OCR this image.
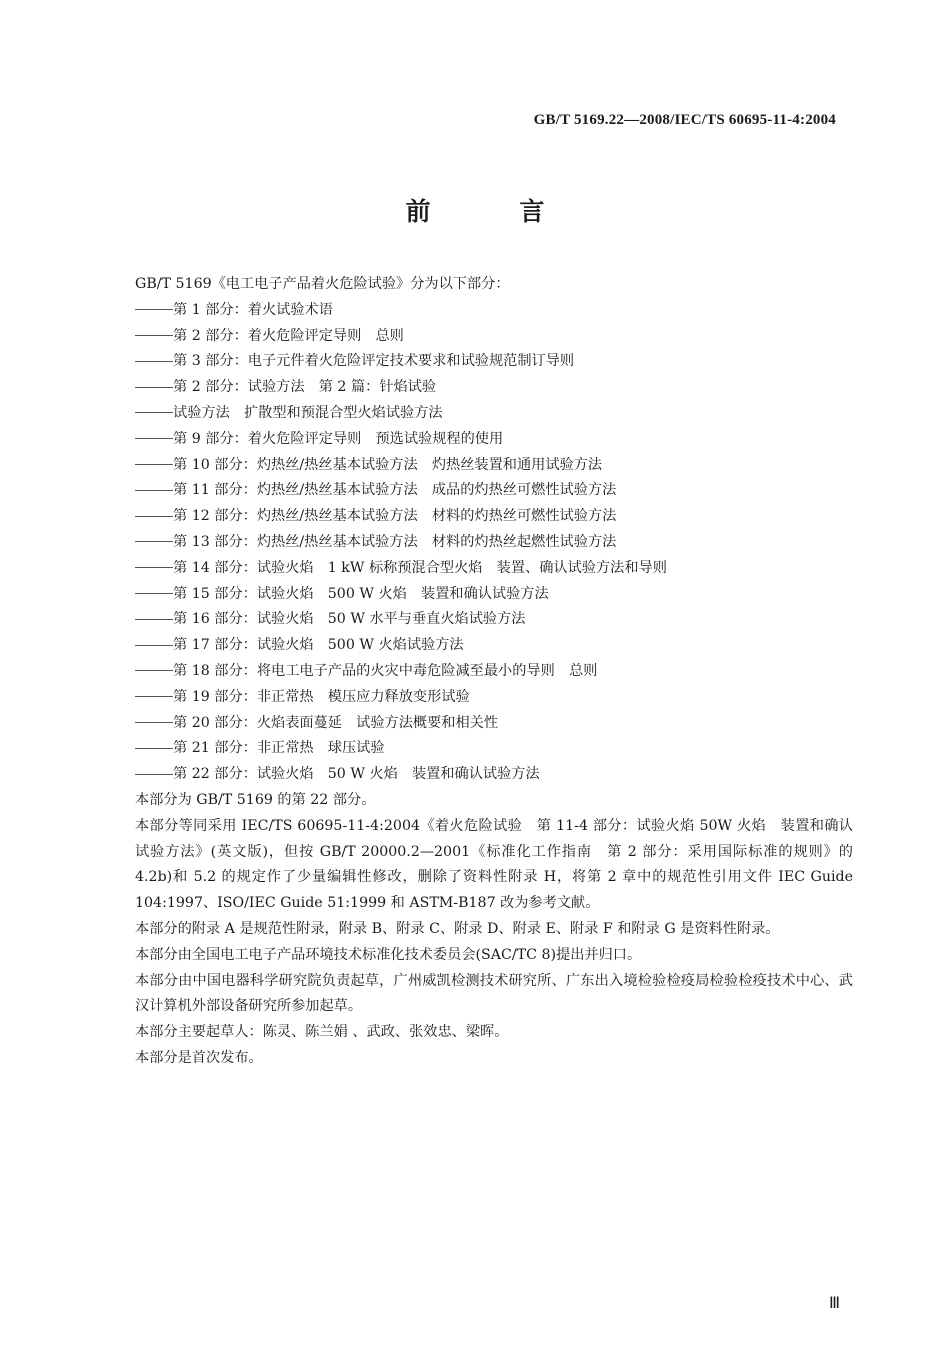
GB/T 5169.22—2008/IEC/TS 60695-11-4:2004
前 言
GB/T 5169《电工电子产品着火危险试验》分为以下部分：
第 1 部分：着火试验术语
第 2 部分：着火危险评定导则　总则
第 3 部分：电子元件着火危险评定技术要求和试验规范制订导则
第 2 部分：试验方法　第 2 篇：针焰试验
试验方法　扩散型和预混合型火焰试验方法
第 9 部分：着火危险评定导则　预选试验规程的使用
第 10 部分：灼热丝/热丝基本试验方法　灼热丝装置和通用试验方法
第 11 部分：灼热丝/热丝基本试验方法　成品的灼热丝可燃性试验方法
第 12 部分：灼热丝/热丝基本试验方法　材料的灼热丝可燃性试验方法
第 13 部分：灼热丝/热丝基本试验方法　材料的灼热丝起燃性试验方法
第 14 部分：试验火焰　1 kW 标称预混合型火焰　装置、确认试验方法和导则
第 15 部分：试验火焰　500 W 火焰　装置和确认试验方法
第 16 部分：试验火焰　50 W 水平与垂直火焰试验方法
第 17 部分：试验火焰　500 W 火焰试验方法
第 18 部分：将电工电子产品的火灾中毒危险减至最小的导则　总则
第 19 部分：非正常热　模压应力释放变形试验
第 20 部分：火焰表面蔓延　试验方法概要和相关性
第 21 部分：非正常热　球压试验
第 22 部分：试验火焰　50 W 火焰　装置和确认试验方法
本部分为 GB/T 5169 的第 22 部分。
本部分等同采用 IEC/TS 60695-11-4:2004《着火危险试验　第 11-4 部分：试验火焰 50W 火焰　装置和确认试验方法》(英文版)，但按 GB/T 20000.2—2001《标准化工作指南　第 2 部分：采用国际标准的规则》的 4.2b)和 5.2 的规定作了少量编辑性修改，删除了资料性附录 H，将第 2 章中的规范性引用文件 IEC Guide 104:1997、ISO/IEC Guide 51:1999 和 ASTM-B187 改为参考文献。
本部分的附录 A 是规范性附录，附录 B、附录 C、附录 D、附录 E、附录 F 和附录 G 是资料性附录。
本部分由全国电工电子产品环境技术标准化技术委员会(SAC/TC 8)提出并归口。
本部分由中国电器科学研究院负责起草，广州威凯检测技术研究所、广东出入境检验检疫局检验检疫技术中心、武汉计算机外部设备研究所参加起草。
本部分主要起草人：陈灵、陈兰娟 、武政、张效忠、梁晖。
本部分是首次发布。
Ⅲ
